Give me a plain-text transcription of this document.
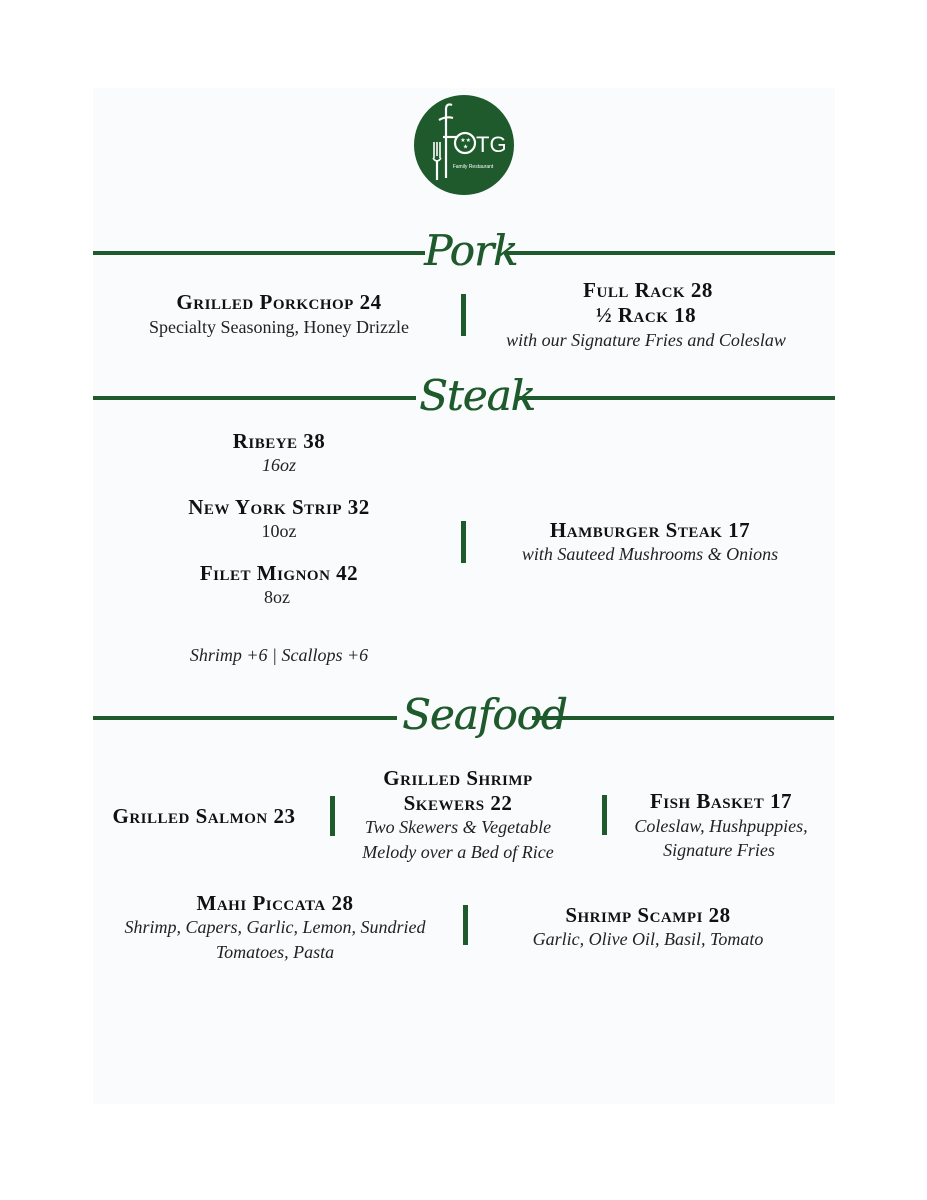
★ ★
★ TG
Family Restaurant
Pork
Grilled Porkchop 24
Specialty Seasoning, Honey Drizzle
Full Rack 28
½ Rack 18
with our Signature Fries and Coleslaw
Steak
Ribeye 38
16oz
New York Strip 32
10oz
Filet Mignon 42
8oz
Shrimp +6 | Scallops +6
Hamburger Steak 17
with Sauteed Mushrooms & Onions
Seafood
Grilled Salmon 23
Grilled Shrimp
Skewers 22
Two Skewers & Vegetable
Melody over a Bed of Rice
Fish Basket 17
Coleslaw, Hushpuppies,
Signature Fries
Mahi Piccata 28
Shrimp, Capers, Garlic, Lemon, Sundried
Tomatoes, Pasta
Shrimp Scampi 28
Garlic, Olive Oil, Basil, Tomato
